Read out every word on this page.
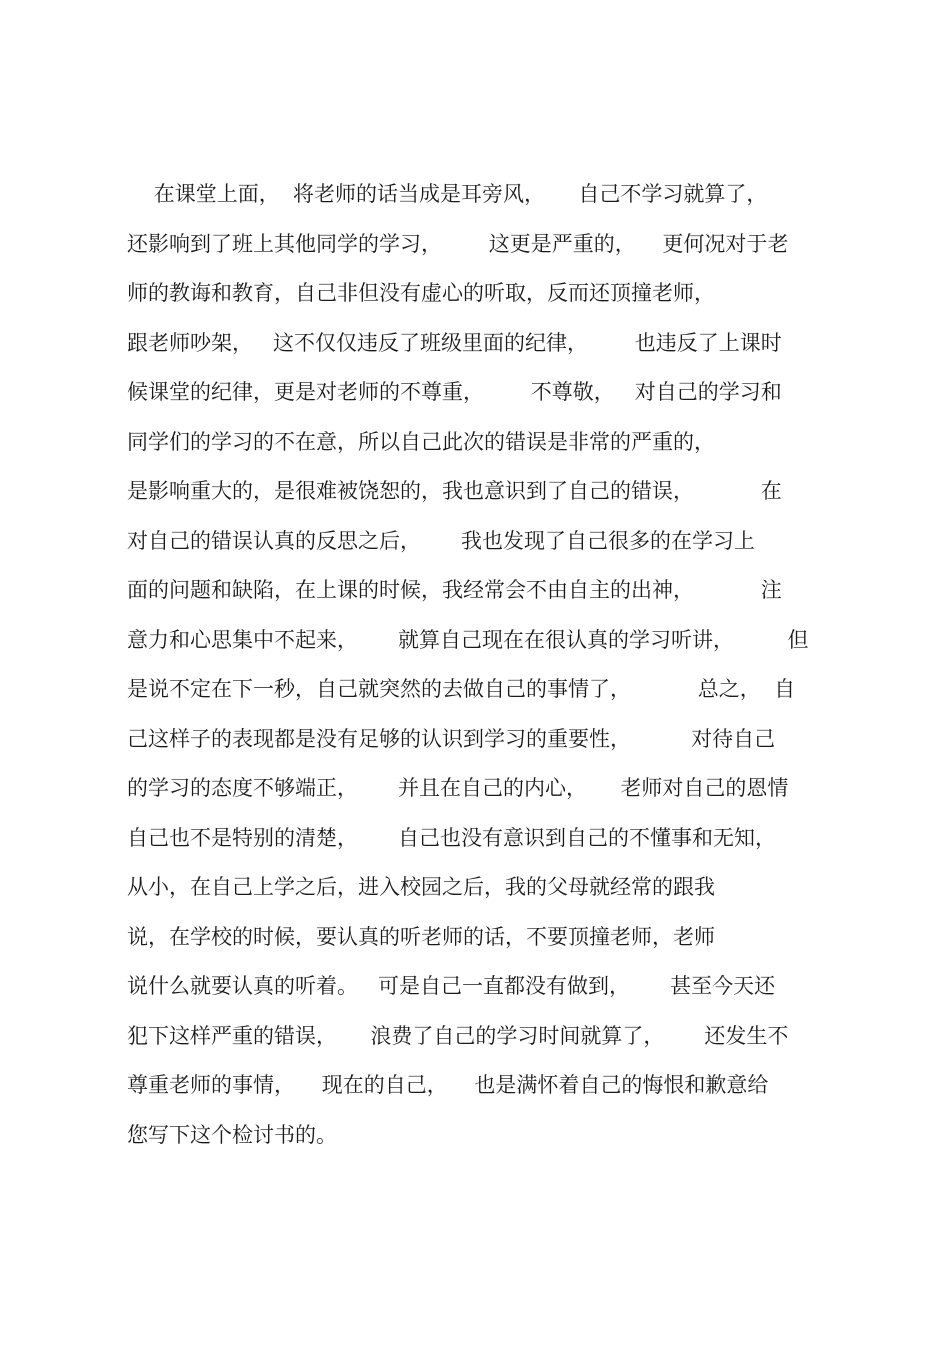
在课堂上面，  将老师的话当成是耳旁风，     自己不学习就算了，
还影响到了班上其他同学的学习，       这更是严重的，    更何况对于老
师的教诲和教育，自己非但没有虚心的听取，反而还顶撞老师，
跟老师吵架，   这不仅仅违反了班级里面的纪律，       也违反了上课时
候课堂的纪律，更是对老师的不尊重，       不尊敬，   对自己的学习和
同学们的学习的不在意，所以自己此次的错误是非常的严重的，
是影响重大的，是很难被饶恕的，我也意识到了自己的错误，          在
对自己的错误认真的反思之后，      我也发现了自己很多的在学习上
面的问题和缺陷，在上课的时候，我经常会不由自主的出神，          注
意力和心思集中不起来，      就算自己现在在很认真的学习听讲，        但
是说不定在下一秒，自己就突然的去做自己的事情了，          总之，  自
己这样子的表现都是没有足够的认识到学习的重要性，         对待自己
的学习的态度不够端正，      并且在自己的内心，     老师对自己的恩情
自己也不是特别的清楚，      自己也没有意识到自己的不懂事和无知，
从小，在自己上学之后，进入校园之后，我的父母就经常的跟我
说，在学校的时候，要认真的听老师的话，不要顶撞老师，老师
说什么就要认真的听着。   可是自己一直都没有做到，      甚至今天还
犯下这样严重的错误，     浪费了自己的学习时间就算了，      还发生不
尊重老师的事情，    现在的自己，    也是满怀着自己的悔恨和歉意给
您写下这个检讨书的。
